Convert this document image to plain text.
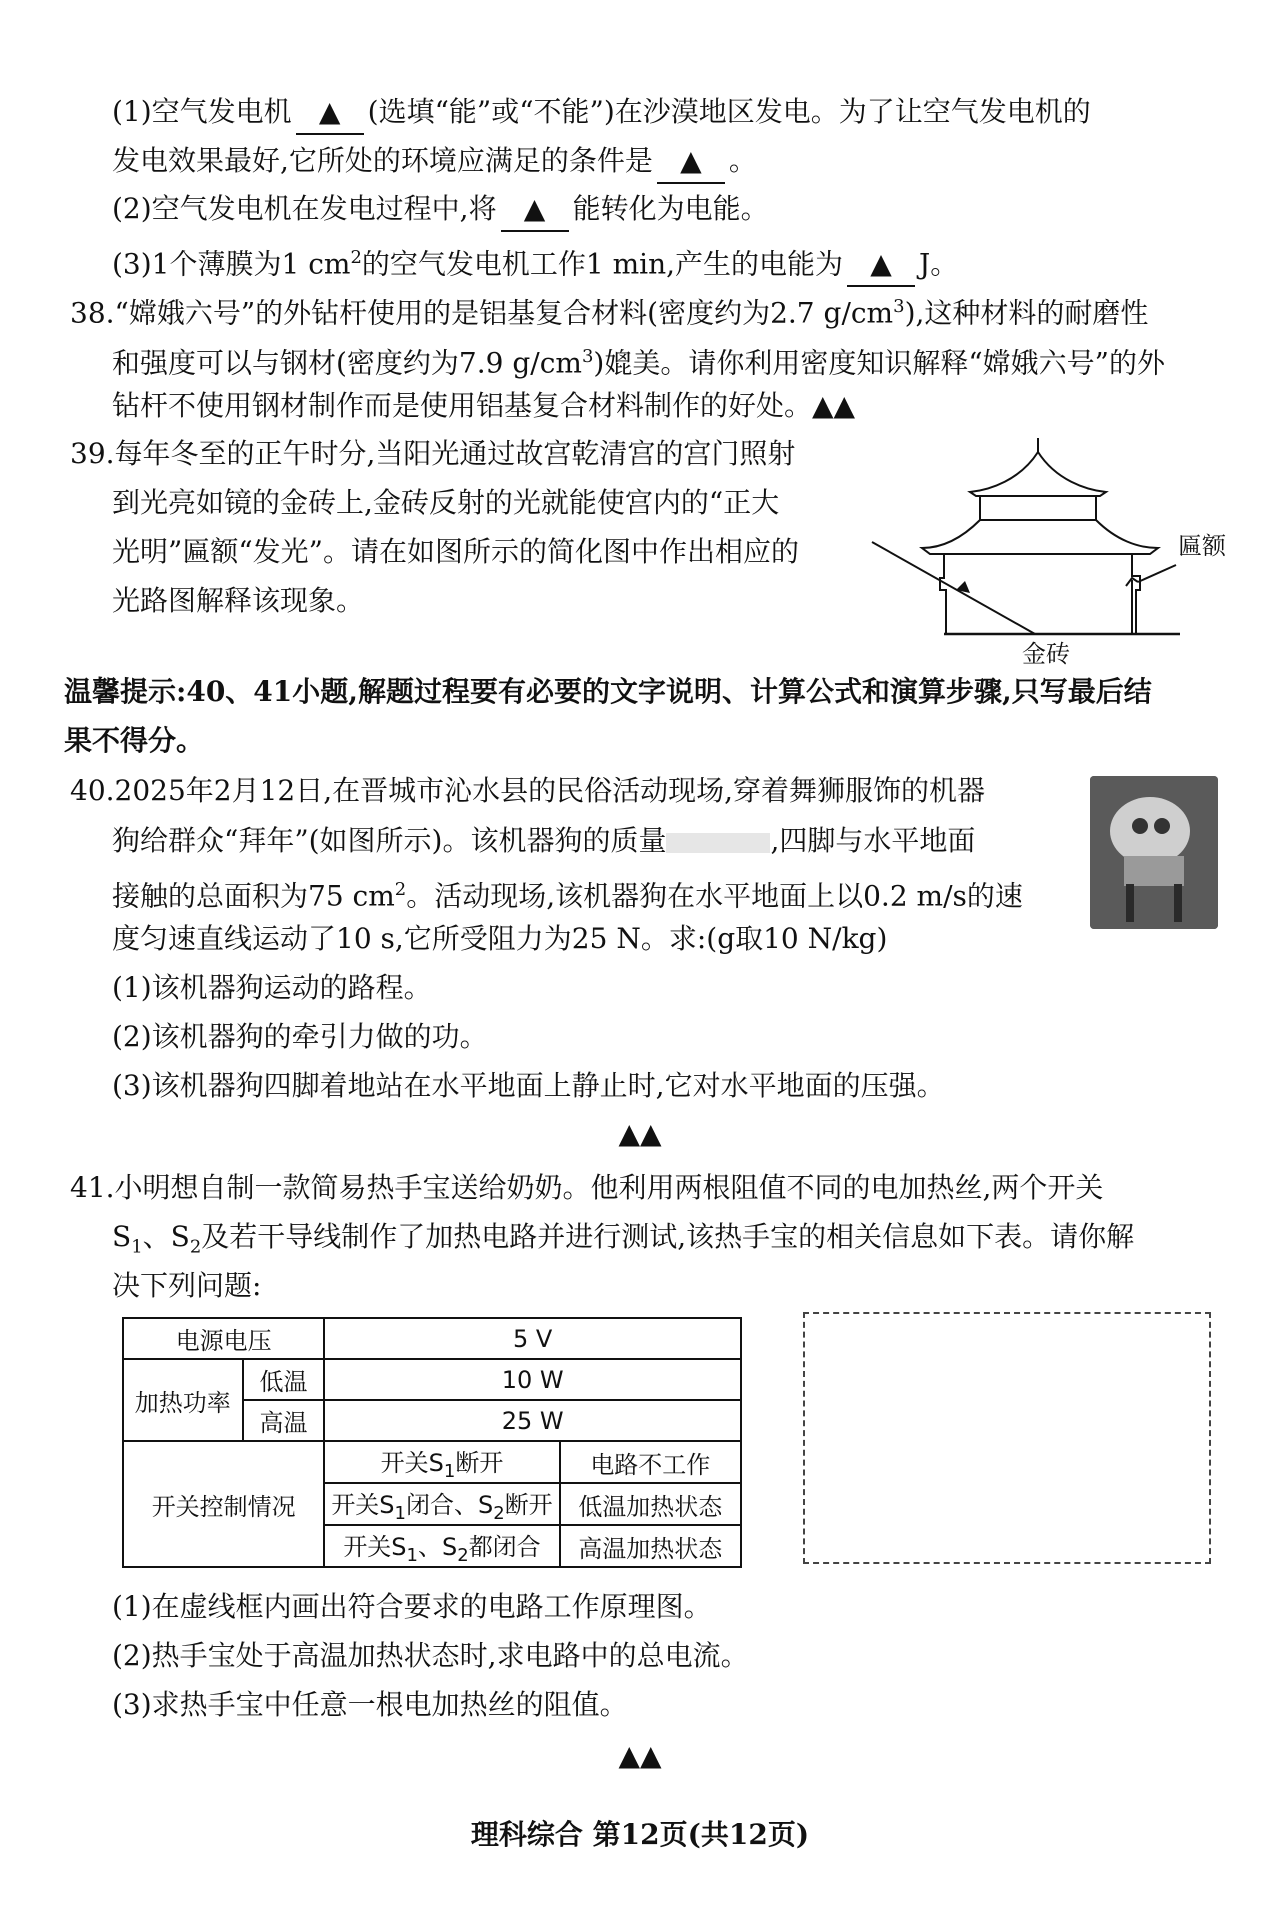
(1)空气发电机 ▲ (选填“能”或“不能”)在沙漠地区发电。为了让空气发电机的
发电效果最好,它所处的环境应满足的条件是 ▲ 。
(2)空气发电机在发电过程中,将 ▲ 能转化为电能。
(3)1个薄膜为1 $cm^2$的空气发电机工作1 min,产生的电能为 ▲ J。
38.“嫦娥六号”的外钻杆使用的是铝基复合材料(密度约为2.7 $g/cm^3$),这种材料的耐磨性
和强度可以与钢材(密度约为7.9 $g/cm^3$)媲美。请你利用密度知识解释“嫦娥六号”的外
钻杆不使用钢材制作而是使用铝基复合材料制作的好处。▲▲
39.每年冬至的正午时分,当阳光通过故宫乾清宫的宫门照射
到光亮如镜的金砖上,金砖反射的光就能使宫内的“正大
光明”匾额“发光”。请在如图所示的简化图中作出相应的
光路图解释该现象。
匾额
金砖
温馨提示:40、41小题,解题过程要有必要的文字说明、计算公式和演算步骤,只写最后结
果不得分。
40.2025年2月12日,在晋城市沁水县的民俗活动现场,穿着舞狮服饰的机器
狗给群众“拜年”(如图所示)。该机器狗的质量	,四脚与水平地面
接触的总面积为75 $cm^2$。活动现场,该机器狗在水平地面上以0.2 m/s的速
度匀速直线运动了10 s,它所受阻力为25 N。求:(g取10 N/kg)
(1)该机器狗运动的路程。
(2)该机器狗的牵引力做的功。
(3)该机器狗四脚着地站在水平地面上静止时,它对水平地面的压强。
▲▲
41.小明想自制一款简易热手宝送给奶奶。他利用两根阻值不同的电加热丝,两个开关
$S_1$、$S_2$及若干导线制作了加热电路并进行测试,该热手宝的相关信息如下表。请你解
决下列问题:
电源电压		5 V	
加热功率	低温	10 W	
	高温	25 W	
开关控制情况		开关$S_1$断开	电路不工作
		开关$S_1$闭合、$S_2$断开	低温加热状态
		开关$S_1$、$S_2$都闭合	高温加热状态
(1)在虚线框内画出符合要求的电路工作原理图。
(2)热手宝处于高温加热状态时,求电路中的总电流。
(3)求热手宝中任意一根电加热丝的阻值。
▲▲
理科综合 第12页(共12页)
